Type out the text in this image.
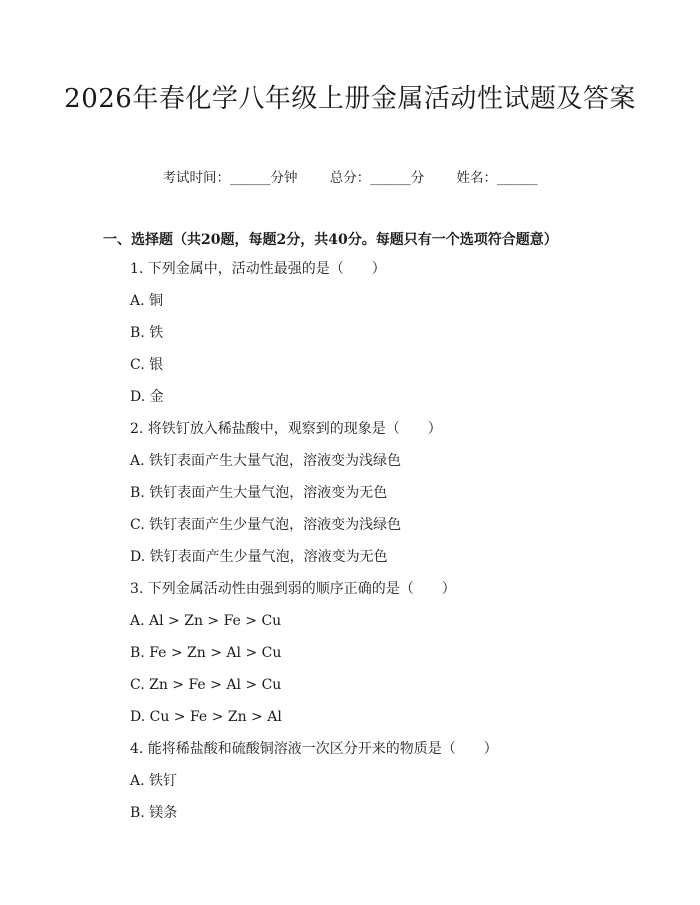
2026年春化学八年级上册金属活动性试题及答案
考试时间：______分钟 总分：______分 姓名：______
一、选择题（共20题，每题2分，共40分。每题只有一个选项符合题意）
1. 下列金属中，活动性最强的是（　　）
A. 铜
B. 铁
C. 银
D. 金
2. 将铁钉放入稀盐酸中，观察到的现象是（　　）
A. 铁钉表面产生大量气泡，溶液变为浅绿色
B. 铁钉表面产生大量气泡，溶液变为无色
C. 铁钉表面产生少量气泡，溶液变为浅绿色
D. 铁钉表面产生少量气泡，溶液变为无色
3. 下列金属活动性由强到弱的顺序正确的是（　　）
A. Al > Zn > Fe > Cu
B. Fe > Zn > Al > Cu
C. Zn > Fe > Al > Cu
D. Cu > Fe > Zn > Al
4. 能将稀盐酸和硫酸铜溶液一次区分开来的物质是（　　）
A. 铁钉
B. 镁条
